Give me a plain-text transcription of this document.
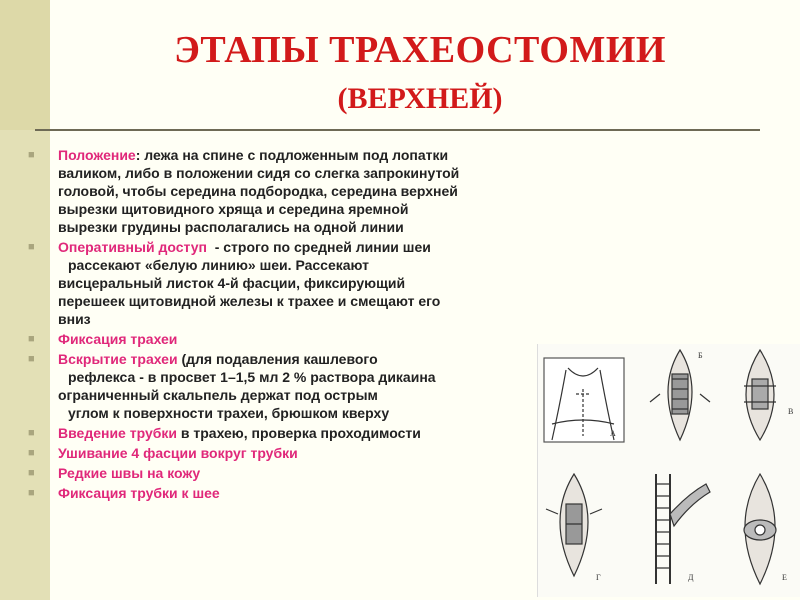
ЭТАПЫ ТРАХЕОСТОМИИ
(ВЕРХНЕЙ)
■ Положение: лежа на спине с подложенным под лопатки
валиком, либо в положении сидя со слегка запрокинутой
головой, чтобы середина подбородка, середина верхней
вырезки щитовидного хряща и середина яремной
вырезки грудины располагались на одной линии
■ Оперативный доступ  - строго по средней линии шеи
рассекают «белую линию» шеи. Рассекают
висцеральный листок 4-й фасции, фиксирующий
перешеек щитовидной железы к трахее и смещают его
вниз
■ Фиксация трахеи
■ Вскрытие трахеи (для подавления кашлевого
рефлекса - в просвет 1–1,5 мл 2 % раствора дикаина
ограниченный скальпель держат под острым
углом к поверхности трахеи, брюшком кверху
■ Введение трубки в трахею, проверка проходимости
■ Ушивание 4 фасции вокруг трубки
■ Редкие швы на кожу
■ Фиксация трубки к шее
А
Б
В
Г	Д	Е
